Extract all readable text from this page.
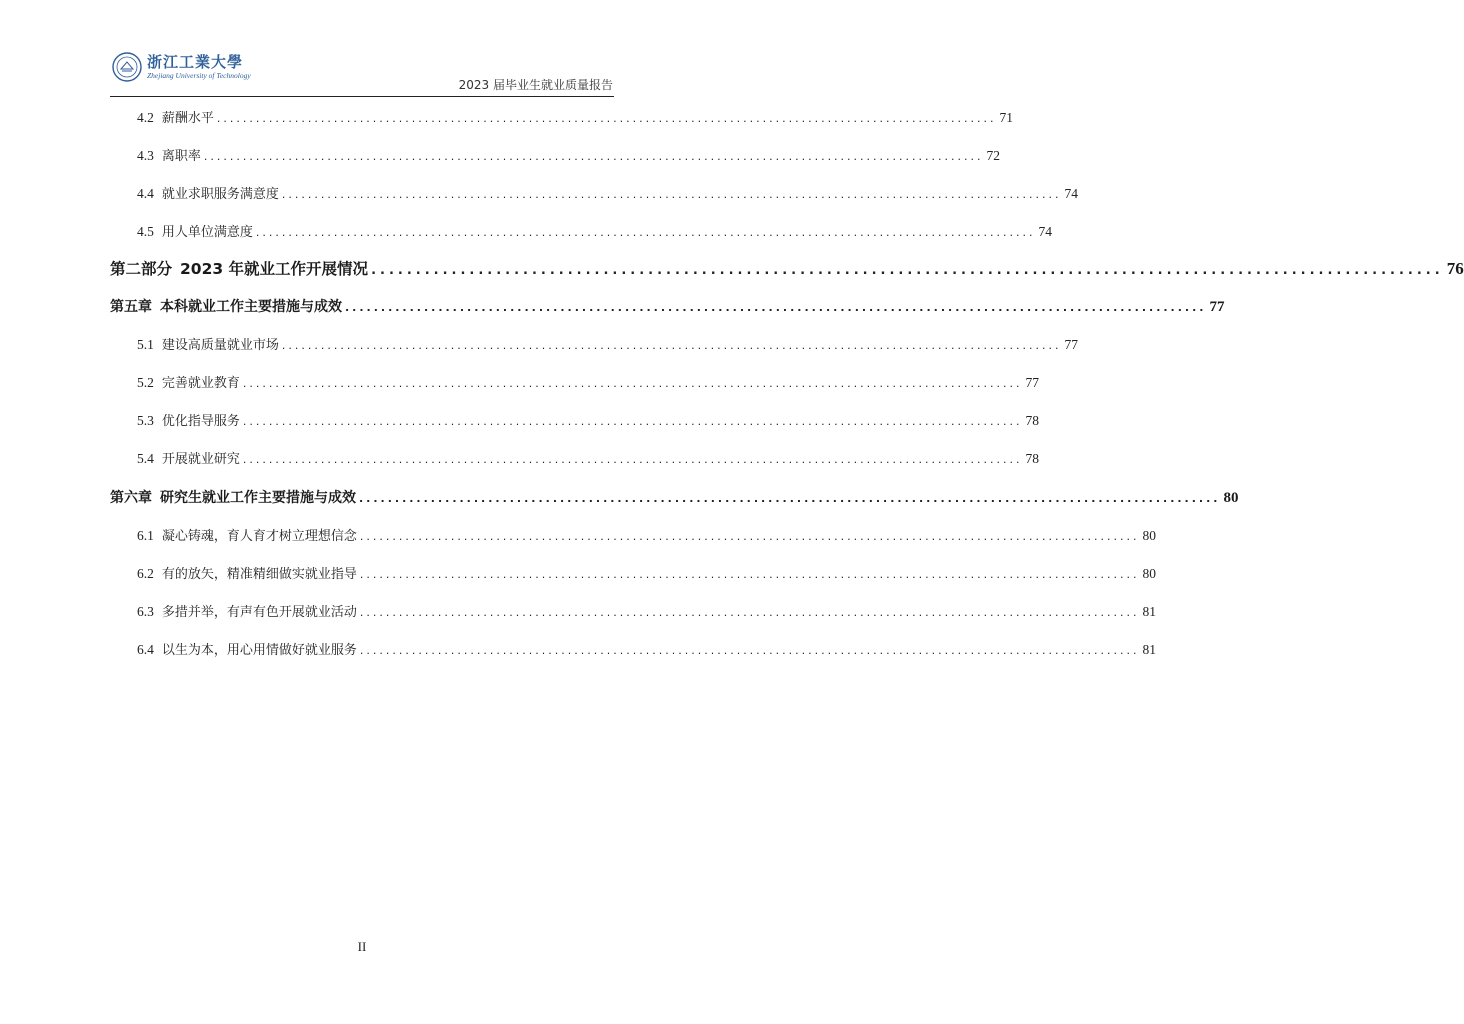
浙江工業大學
Zhejiang University of Technology
2023 届毕业生就业质量报告
4.2 薪酬水平 ........................................................................................................................ 71
4.3 离职率 ........................................................................................................................ 72
4.4 就业求职服务满意度 ........................................................................................................................ 74
4.5 用人单位满意度 ........................................................................................................................ 74
第二部分 2023 年就业工作开展情况 ........................................................................................................................ 76
第五章 本科就业工作主要措施与成效 ........................................................................................................................ 77
5.1 建设高质量就业市场 ........................................................................................................................ 77
5.2 完善就业教育 ........................................................................................................................ 77
5.3 优化指导服务 ........................................................................................................................ 78
5.4 开展就业研究 ........................................................................................................................ 78
第六章 研究生就业工作主要措施与成效 ........................................................................................................................ 80
6.1 凝心铸魂，育人育才树立理想信念 ........................................................................................................................ 80
6.2 有的放矢，精准精细做实就业指导 ........................................................................................................................ 80
6.3 多措并举，有声有色开展就业活动 ........................................................................................................................ 81
6.4 以生为本，用心用情做好就业服务 ........................................................................................................................ 81
II
